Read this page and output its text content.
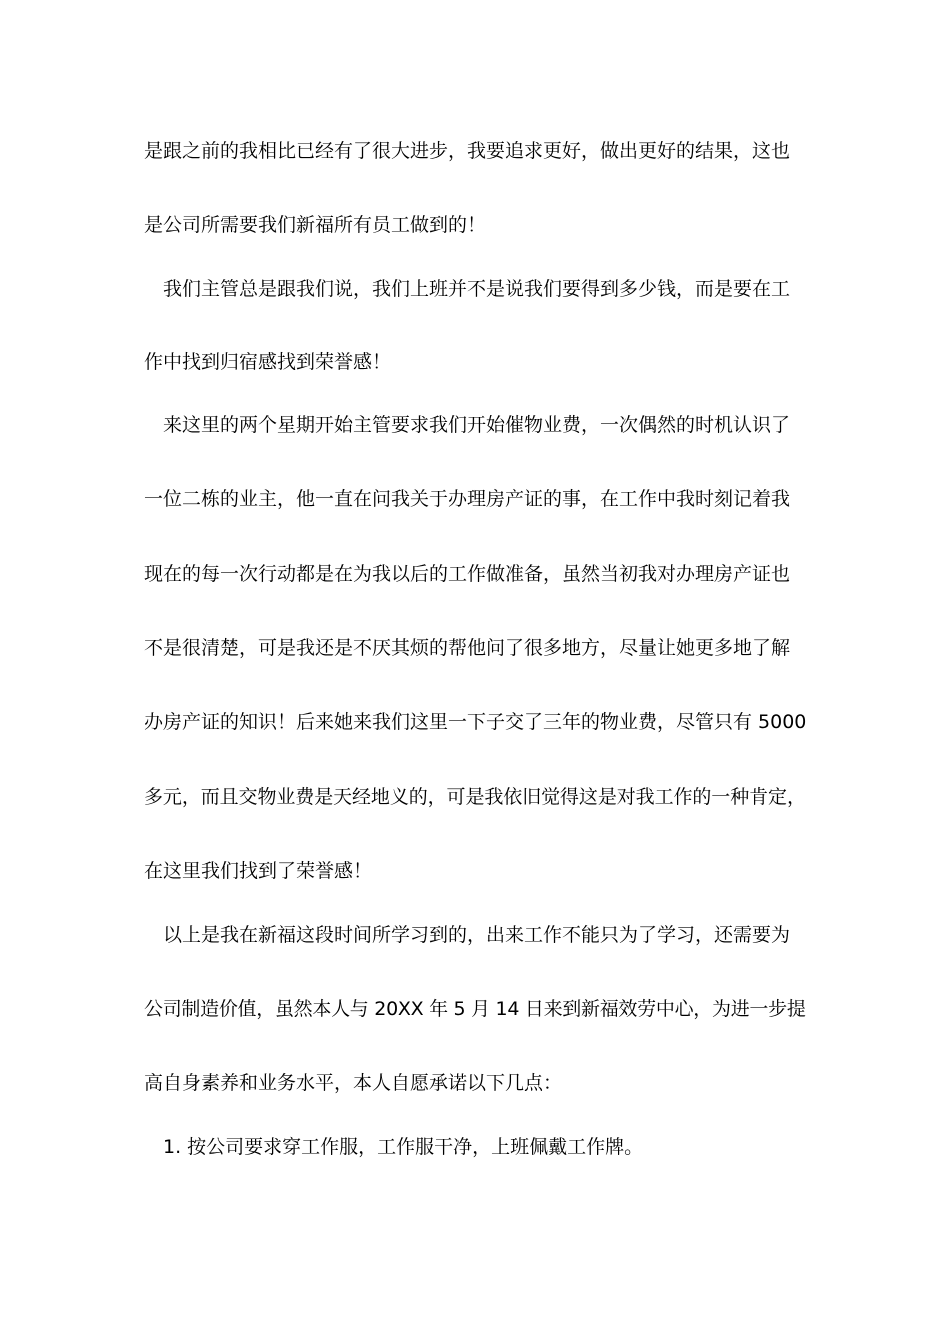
是跟之前的我相比已经有了很大进步，我要追求更好，做出更好的结果，这也

是公司所需要我们新福所有员工做到的！

我们主管总是跟我们说，我们上班并不是说我们要得到多少钱，而是要在工

作中找到归宿感找到荣誉感！

来这里的两个星期开始主管要求我们开始催物业费，一次偶然的时机认识了

一位二栋的业主，他一直在问我关于办理房产证的事，在工作中我时刻记着我

现在的每一次行动都是在为我以后的工作做准备，虽然当初我对办理房产证也

不是很清楚，可是我还是不厌其烦的帮他问了很多地方，尽量让她更多地了解

办房产证的知识！后来她来我们这里一下子交了三年的物业费，尽管只有 5000

多元，而且交物业费是天经地义的，可是我依旧觉得这是对我工作的一种肯定，

在这里我们找到了荣誉感！

以上是我在新福这段时间所学习到的，出来工作不能只为了学习，还需要为

公司制造价值，虽然本人与 20XX 年 5 月 14 日来到新福效劳中心，为进一步提

高自身素养和业务水平，本人自愿承诺以下几点：

1. 按公司要求穿工作服，工作服干净，上班佩戴工作牌。
